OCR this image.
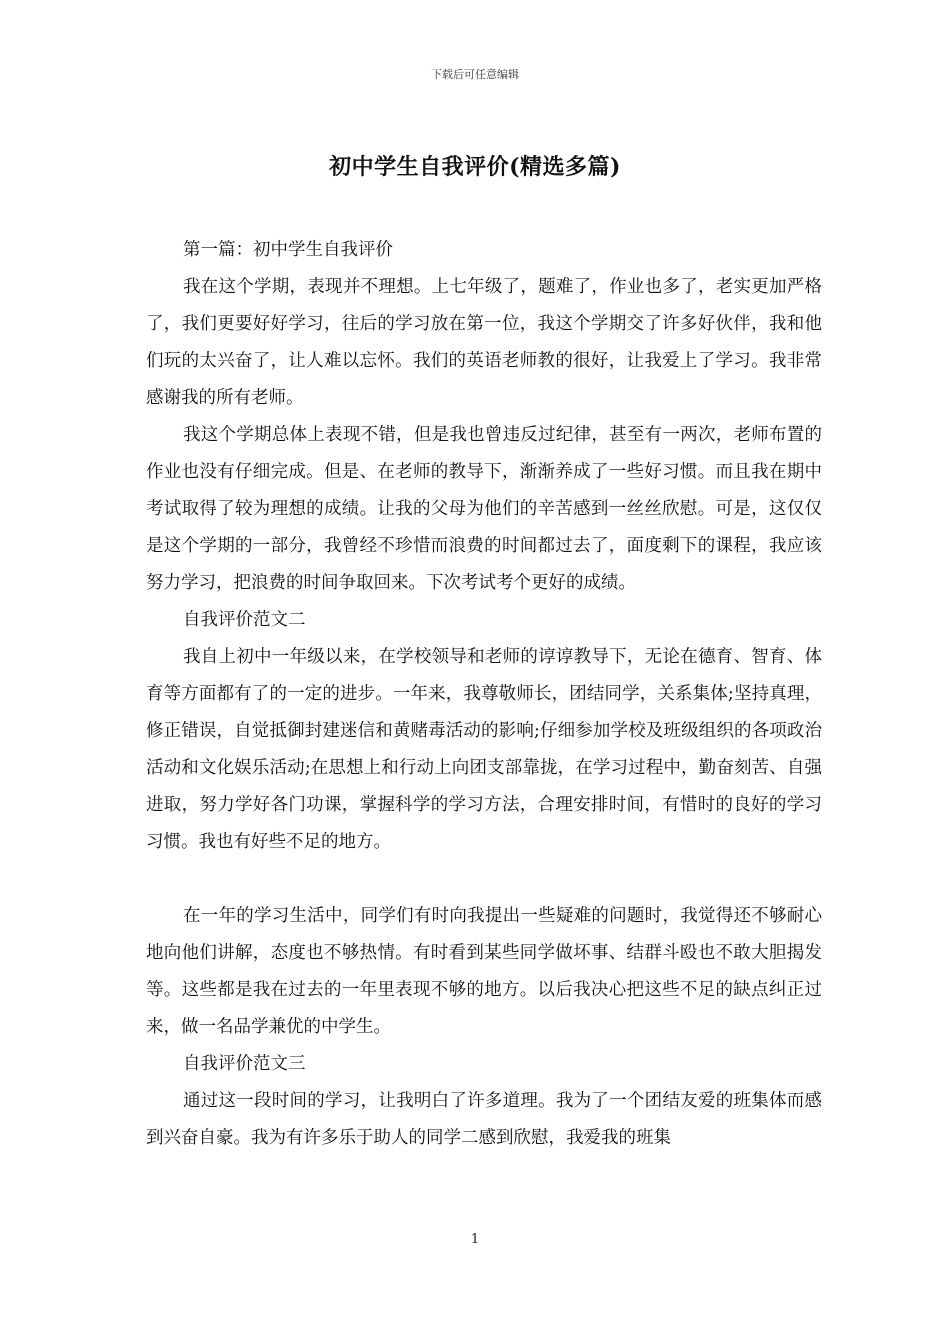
下载后可任意编辑
初中学生自我评价(精选多篇)

第一篇：初中学生自我评价

我在这个学期，表现并不理想。上七年级了，题难了，作业也多了，老实更加严格了，我们更要好好学习，往后的学习放在第一位，我这个学期交了许多好伙伴，我和他们玩的太兴奋了，让人难以忘怀。我们的英语老师教的很好，让我爱上了学习。我非常感谢我的所有老师。

我这个学期总体上表现不错，但是我也曾违反过纪律，甚至有一两次，老师布置的作业也没有仔细完成。但是、在老师的教导下，渐渐养成了一些好习惯。而且我在期中考试取得了较为理想的成绩。让我的父母为他们的辛苦感到一丝丝欣慰。可是，这仅仅是这个学期的一部分，我曾经不珍惜而浪费的时间都过去了，面度剩下的课程，我应该努力学习，把浪费的时间争取回来。下次考试考个更好的成绩。

自我评价范文二

我自上初中一年级以来，在学校领导和老师的谆谆教导下，无论在德育、智育、体育等方面都有了的一定的进步。一年来，我尊敬师长，团结同学，关系集体;坚持真理，修正错误，自觉抵御封建迷信和黄赌毒活动的影响;仔细参加学校及班级组织的各项政治活动和文化娱乐活动;在思想上和行动上向团支部靠拢，在学习过程中，勤奋刻苦、自强进取，努力学好各门功课，掌握科学的学习方法，合理安排时间，有惜时的良好的学习习惯。我也有好些不足的地方。

在一年的学习生活中，同学们有时向我提出一些疑难的问题时，我觉得还不够耐心地向他们讲解，态度也不够热情。有时看到某些同学做坏事、结群斗殴也不敢大胆揭发等。这些都是我在过去的一年里表现不够的地方。以后我决心把这些不足的缺点纠正过来，做一名品学兼优的中学生。

自我评价范文三

通过这一段时间的学习，让我明白了许多道理。我为了一个团结友爱的班集体而感到兴奋自豪。我为有许多乐于助人的同学二感到欣慰，我爱我的班集

1
